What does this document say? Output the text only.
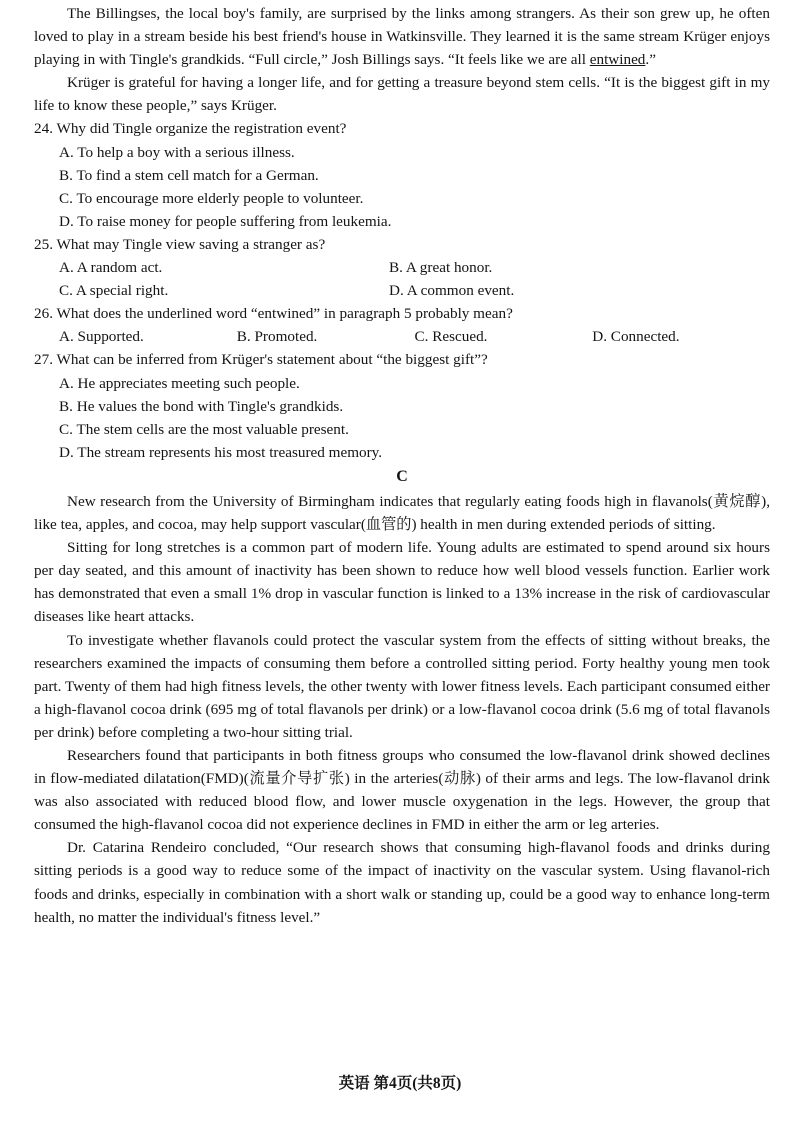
The Billingses, the local boy's family, are surprised by the links among strangers. As their son grew up, he often loved to play in a stream beside his best friend's house in Watkinsville. They learned it is the same stream Krüger enjoys playing in with Tingle's grandkids. “Full circle,” Josh Billings says. “It feels like we are all entwined.”

Krüger is grateful for having a longer life, and for getting a treasure beyond stem cells. “It is the biggest gift in my life to know these people,” says Krüger.

24. Why did Tingle organize the registration event?

A. To help a boy with a serious illness.

B. To find a stem cell match for a German.

C. To encourage more elderly people to volunteer.

D. To raise money for people suffering from leukemia.

25. What may Tingle view saving a stranger as?

A. A random act.	B. A great honor.
C. A special right.	D. A common event.

26. What does the underlined word “entwined” in paragraph 5 probably mean?

A. Supported.	B. Promoted.	C. Rescued.	D. Connected.

27. What can be inferred from Krüger's statement about “the biggest gift”?

A. He appreciates meeting such people.

B. He values the bond with Tingle's grandkids.

C. The stem cells are the most valuable present.

D. The stream represents his most treasured memory.

C

New research from the University of Birmingham indicates that regularly eating foods high in flavanols(黄烷醇), like tea, apples, and cocoa, may help support vascular(血管的) health in men during extended periods of sitting.

Sitting for long stretches is a common part of modern life. Young adults are estimated to spend around six hours per day seated, and this amount of inactivity has been shown to reduce how well blood vessels function. Earlier work has demonstrated that even a small 1% drop in vascular function is linked to a 13% increase in the risk of cardiovascular diseases like heart attacks.

To investigate whether flavanols could protect the vascular system from the effects of sitting without breaks, the researchers examined the impacts of consuming them before a controlled sitting period. Forty healthy young men took part. Twenty of them had high fitness levels, the other twenty with lower fitness levels. Each participant consumed either a high-flavanol cocoa drink (695 mg of total flavanols per drink) or a low-flavanol cocoa drink (5.6 mg of total flavanols per drink) before completing a two-hour sitting trial.

Researchers found that participants in both fitness groups who consumed the low-flavanol drink showed declines in flow-mediated dilatation(FMD)(流量介导扩张) in the arteries(动脉) of their arms and legs. The low-flavanol drink was also associated with reduced blood flow, and lower muscle oxygenation in the legs. However, the group that consumed the high-flavanol cocoa did not experience declines in FMD in either the arm or leg arteries.

Dr. Catarina Rendeiro concluded, “Our research shows that consuming high-flavanol foods and drinks during sitting periods is a good way to reduce some of the impact of inactivity on the vascular system. Using flavanol-rich foods and drinks, especially in combination with a short walk or standing up, could be a good way to enhance long-term health, no matter the individual's fitness level.”

英语 第4页(共8页)
